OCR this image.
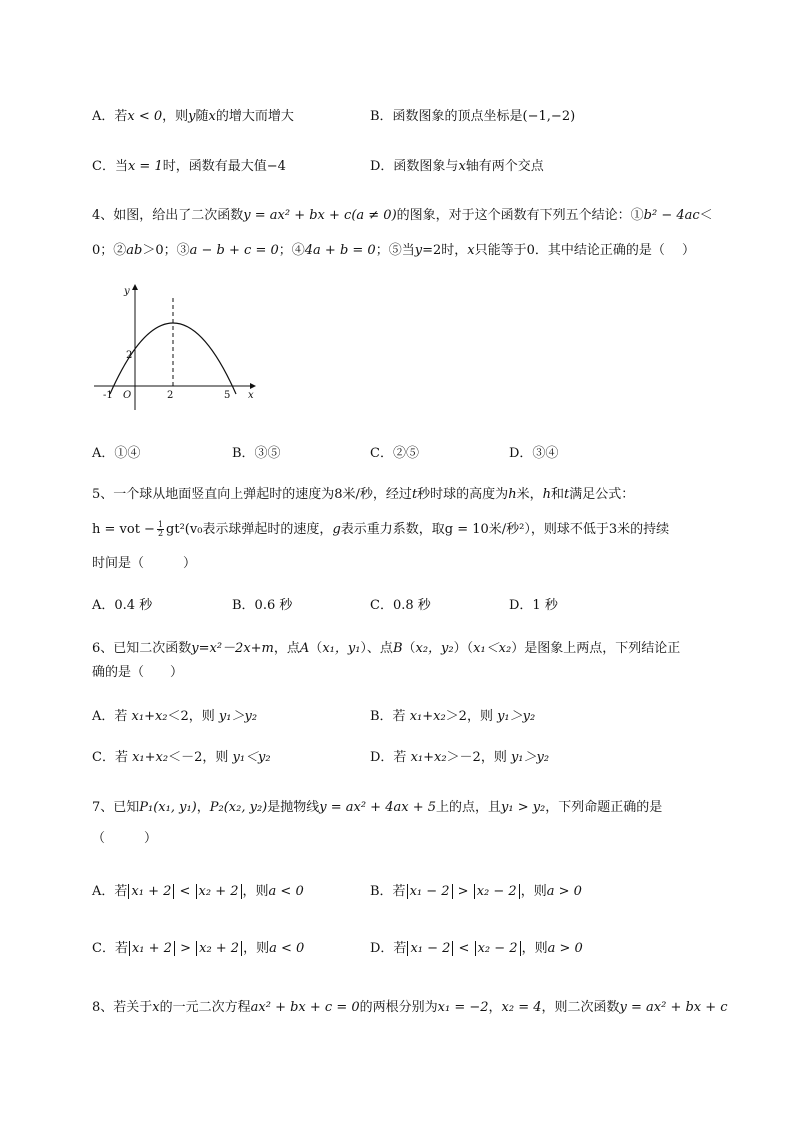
A．若x < 0，则y随x的增大而增大	B．函数图象的顶点坐标是(−1,−2)
C．当x = 1时，函数有最大值−4	D．函数图象与x轴有两个交点
4、如图，给出了二次函数y = ax² + bx + c(a ≠ 0)的图象，对于这个函数有下列五个结论：①b² − 4ac＜
0；②ab＞0；③a − b + c = 0；④4a + b = 0；⑤当y=2时，x只能等于0．其中结论正确的是（　 ）
y
x
O
-1	2	5
2
A．①④	B．③⑤	C．②⑤	D．③④
5、一个球从地面竖直向上弹起时的速度为8米/秒，经过t秒时球的高度为h米，h和t满足公式：
h = vot − $\frac{1}{2} gt^2(v_0$表示球弹起时的速度，g表示重力系数，取g = 10米/秒²），则球不低于3米的持续
时间是（　　　）
A．0.4 秒	B．0.6 秒	C．0.8 秒	D．1 秒
6、已知二次函数y=x²－2x+m，点A（x₁，y₁）、点B（x₂，y₂）（x₁＜x₂）是图象上两点，下列结论正
确的是（　　）
A．若 x₁+x₂＜2，则 y₁＞y₂	B．若 x₁+x₂＞2，则 y₁＞y₂
C．若 x₁+x₂＜－2，则 y₁＜y₂	D．若 x₁+x₂＞－2，则 y₁＞y₂
7、已知P₁(x₁, y₁)，P₂(x₂, y₂)是抛物线y = ax² + 4ax + 5上的点，且y₁ > y₂，下列命题正确的是
（　　　）
A．若 x₁ + 2 < x₂ + 2 ，则a < 0	B．若 x₁ − 2 > x₂ − 2 ，则a > 0
C．若 x₁ + 2 > x₂ + 2 ，则a < 0	D．若 x₁ − 2 < x₂ − 2 ，则a > 0
8、若关于x的一元二次方程ax² + bx + c = 0的两根分别为x₁ = −2，x₂ = 4，则二次函数y = ax² + bx + c
